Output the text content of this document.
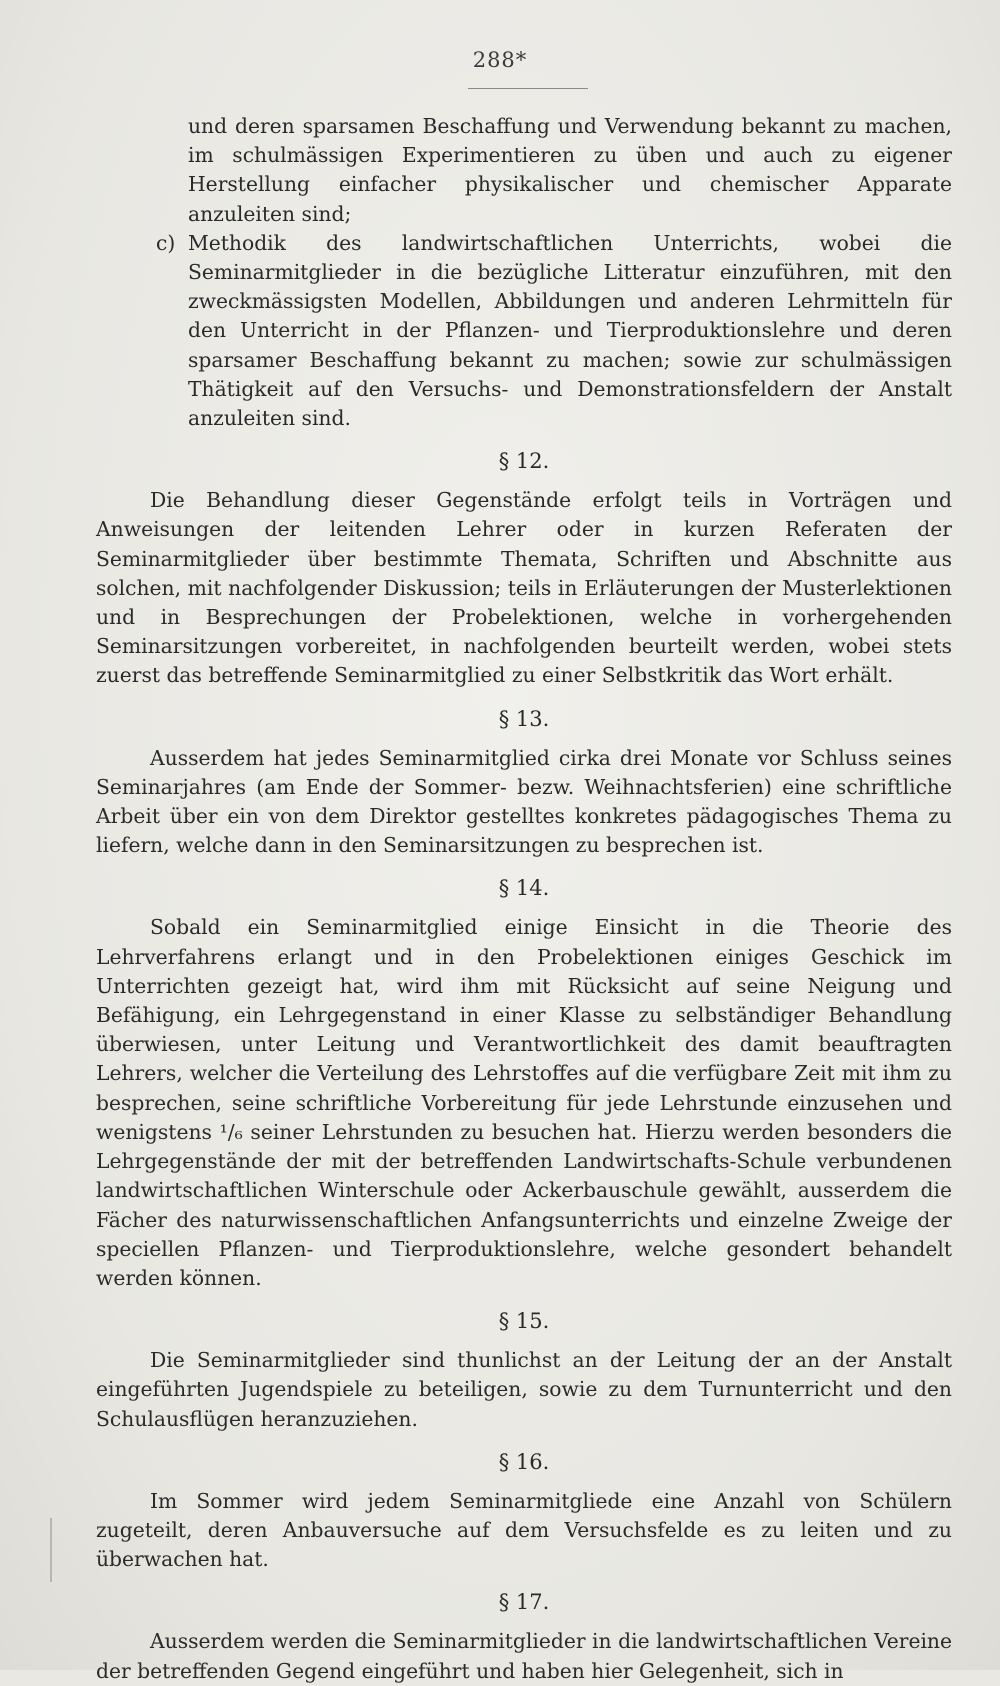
288*

und deren sparsamen Beschaffung und Verwendung bekannt zu machen, im schulmässigen Experimentieren zu üben und auch zu eigener Herstellung einfacher physikalischer und chemischer Apparate anzuleiten sind;

c) Methodik des landwirtschaftlichen Unterrichts, wobei die Seminarmitglieder in die bezügliche Litteratur einzuführen, mit den zweckmässigsten Modellen, Abbildungen und anderen Lehrmitteln für den Unterricht in der Pflanzen- und Tierproduktionslehre und deren sparsamer Beschaffung bekannt zu machen; sowie zur schulmässigen Thätigkeit auf den Versuchs- und Demonstrationsfeldern der Anstalt anzuleiten sind.
§ 12.

Die Behandlung dieser Gegenstände erfolgt teils in Vorträgen und Anweisungen der leitenden Lehrer oder in kurzen Referaten der Seminarmitglieder über bestimmte Themata, Schriften und Abschnitte aus solchen, mit nachfolgender Diskussion; teils in Erläuterungen der Musterlektionen und in Besprechungen der Probelektionen, welche in vorhergehenden Seminarsitzungen vorbereitet, in nachfolgenden beurteilt werden, wobei stets zuerst das betreffende Seminarmitglied zu einer Selbstkritik das Wort erhält.

§ 13.

Ausserdem hat jedes Seminarmitglied cirka drei Monate vor Schluss seines Seminarjahres (am Ende der Sommer- bezw. Weihnachtsferien) eine schriftliche Arbeit über ein von dem Direktor gestelltes konkretes pädagogisches Thema zu liefern, welche dann in den Seminarsitzungen zu besprechen ist.

§ 14.

Sobald ein Seminarmitglied einige Einsicht in die Theorie des Lehrverfahrens erlangt und in den Probelektionen einiges Geschick im Unterrichten gezeigt hat, wird ihm mit Rücksicht auf seine Neigung und Befähigung, ein Lehrgegenstand in einer Klasse zu selbständiger Behandlung überwiesen, unter Leitung und Verantwortlichkeit des damit beauftragten Lehrers, welcher die Verteilung des Lehrstoffes auf die verfügbare Zeit mit ihm zu besprechen, seine schriftliche Vorbereitung für jede Lehrstunde einzusehen und wenigstens ¹/₆ seiner Lehrstunden zu besuchen hat. Hierzu werden besonders die Lehrgegenstände der mit der betreffenden Landwirtschafts-Schule verbundenen landwirtschaftlichen Winterschule oder Ackerbauschule gewählt, ausserdem die Fächer des naturwissenschaftlichen Anfangsunterrichts und einzelne Zweige der speciellen Pflanzen- und Tierproduktionslehre, welche gesondert behandelt werden können.

§ 15.

Die Seminarmitglieder sind thunlichst an der Leitung der an der Anstalt eingeführten Jugendspiele zu beteiligen, sowie zu dem Turnunterricht und den Schulausflügen heranzuziehen.

§ 16.

Im Sommer wird jedem Seminarmitgliede eine Anzahl von Schülern zugeteilt, deren Anbauversuche auf dem Versuchsfelde es zu leiten und zu überwachen hat.

§ 17.

Ausserdem werden die Seminarmitglieder in die landwirtschaftlichen Vereine der betreffenden Gegend eingeführt und haben hier Gelegenheit, sich in
